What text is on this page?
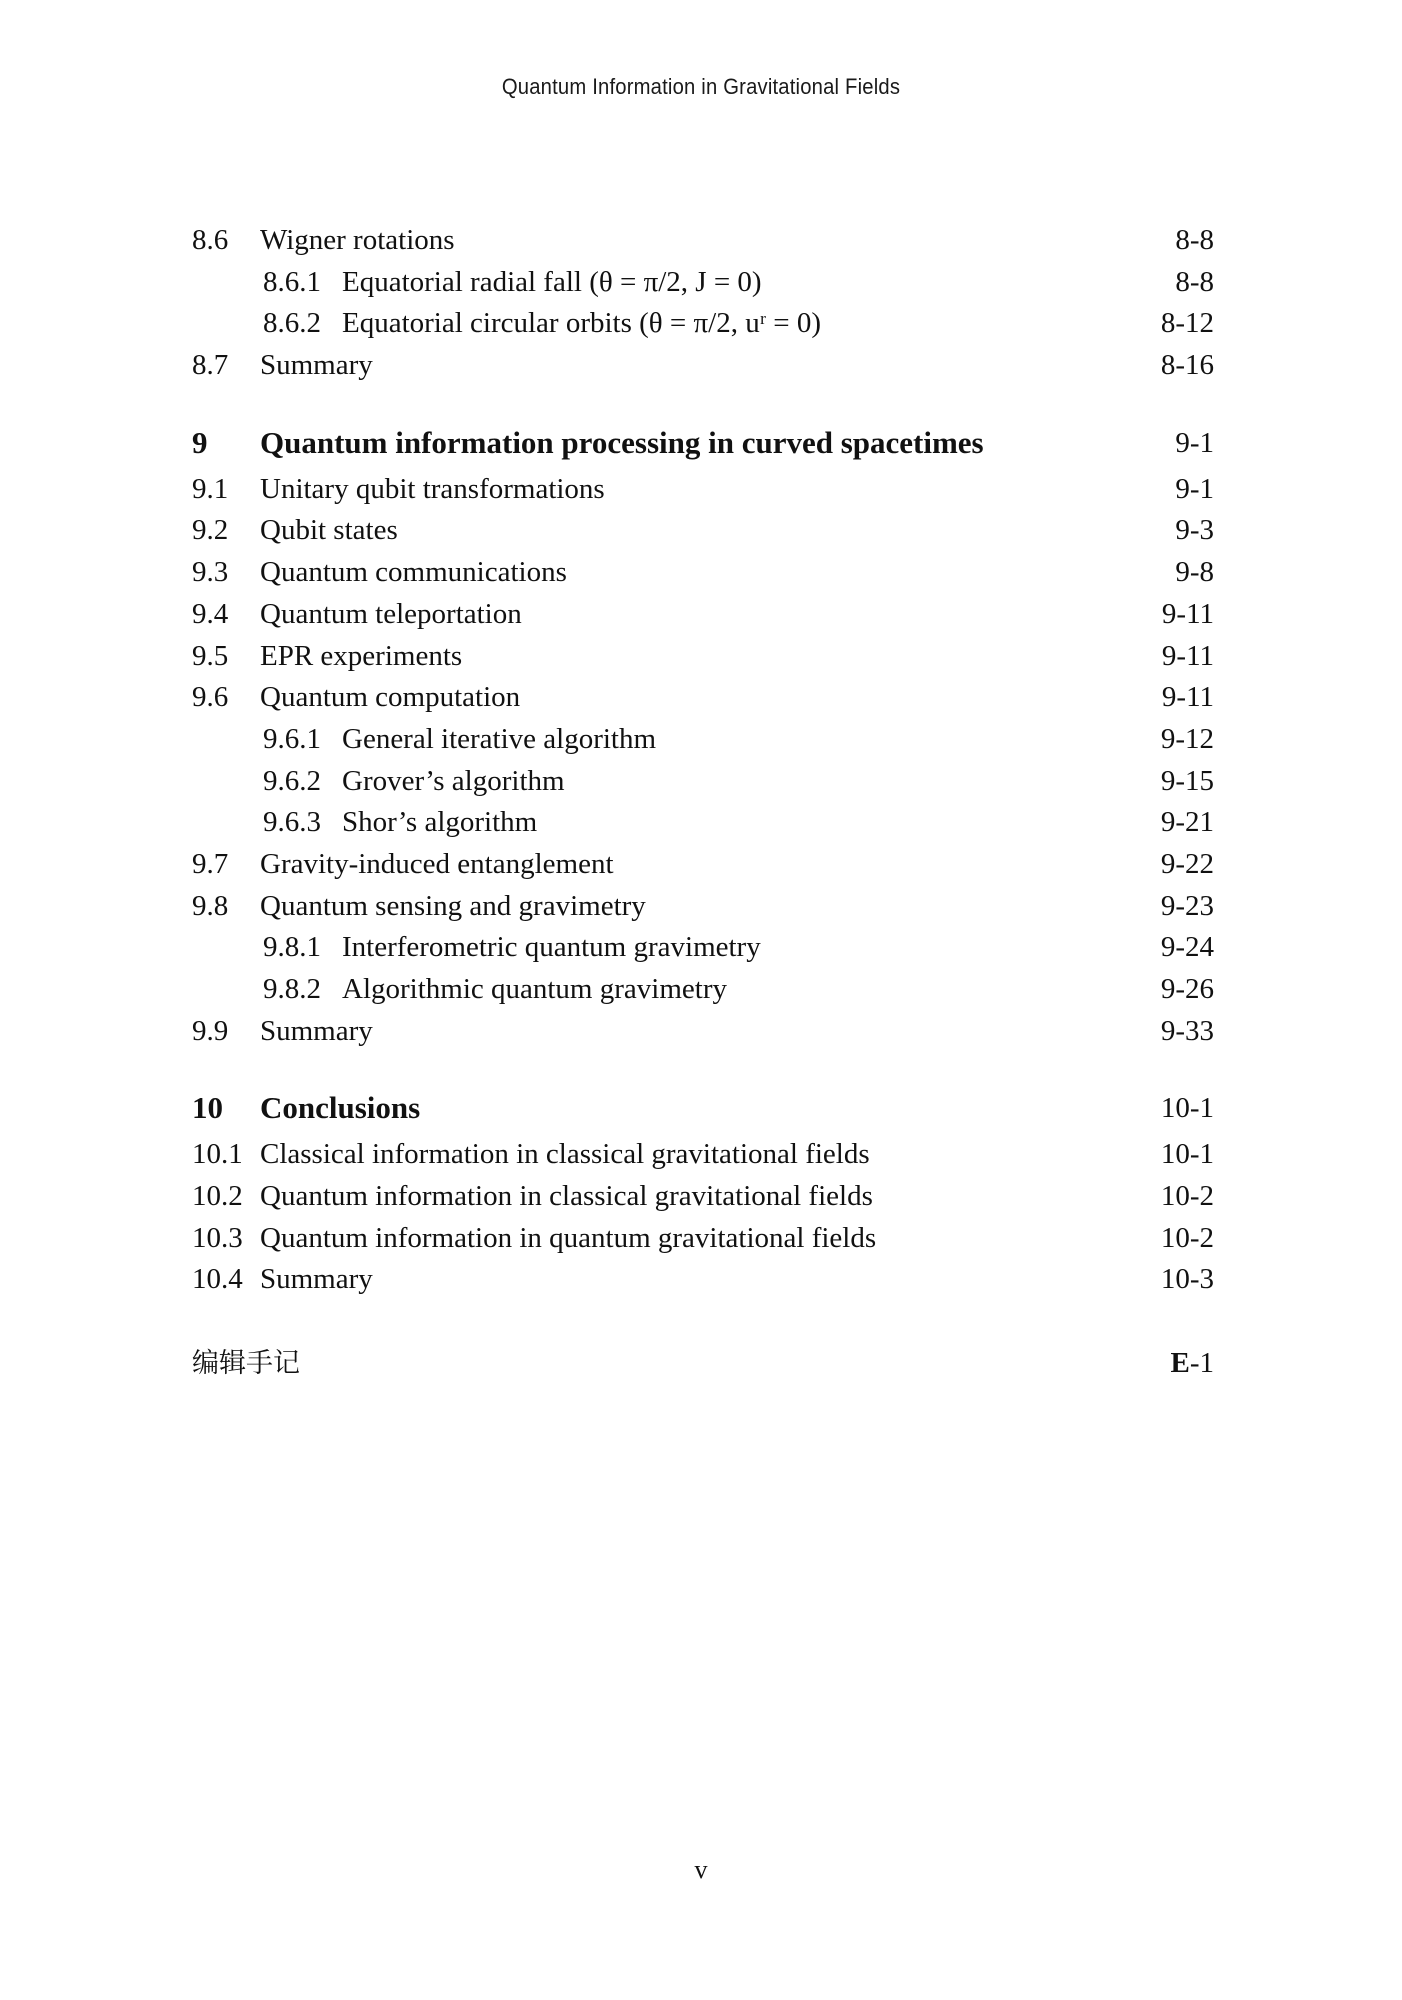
Quantum Information in Gravitational Fields
8.6 Wigner rotations	8-8
8.6.1 Equatorial radial fall (θ = π/2, J = 0)	8-8
8.6.2 Equatorial circular orbits (θ = π/2, uʳ = 0)	8-12
8.7 Summary	8-16
9 Quantum information processing in curved spacetimes	9-1
9.1 Unitary qubit transformations	9-1
9.2 Qubit states	9-3
9.3 Quantum communications	9-8
9.4 Quantum teleportation	9-11
9.5 EPR experiments	9-11
9.6 Quantum computation	9-11
9.6.1 General iterative algorithm	9-12
9.6.2 Grover’s algorithm	9-15
9.6.3 Shor’s algorithm	9-21
9.7 Gravity-induced entanglement	9-22
9.8 Quantum sensing and gravimetry	9-23
9.8.1 Interferometric quantum gravimetry	9-24
9.8.2 Algorithmic quantum gravimetry	9-26
9.9 Summary	9-33
10 Conclusions	10-1
10.1 Classical information in classical gravitational fields	10-1
10.2 Quantum information in classical gravitational fields	10-2
10.3 Quantum information in quantum gravitational fields	10-2
10.4 Summary	10-3
编辑手记	E-1
v
